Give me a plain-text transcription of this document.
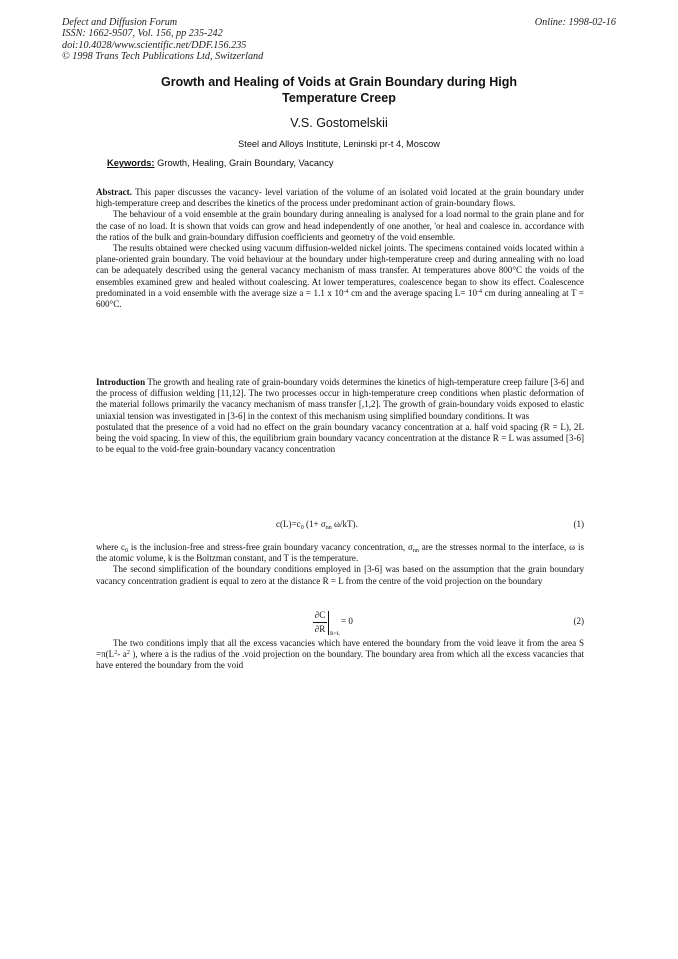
Defect and Diffusion Forum
ISSN: 1662-9507, Vol. 156, pp 235-242
doi:10.4028/www.scientific.net/DDF.156.235
© 1998 Trans Tech Publications Ltd, Switzerland
Online: 1998-02-16
Growth and Healing of Voids at Grain Boundary during High
Temperature Creep
V.S. Gostomelskii
Steel and Alloys Institute, Leninski pr-t 4, Moscow
Keywords: Growth, Healing, Grain Boundary, Vacancy

Abstract. This paper discusses the vacancy- level variation of the volume of an isolated void located at the grain boundary under high-temperature creep and describes the kinetics of the process under predominant action of grain-boundary flows.

The behaviour of a void ensemble at the grain boundary during annealing is analysed for a load normal to the grain plane and for the case of no load. It is shown that voids can grow and head independently of one another, 'or heal and coalesce in. accordance with the ratios of the bulk and grain-boundary diffusion coefficients and geometry of the void ensemble.

The results obtained were checked using vacuum diffusion-welded nickel joints. The specimens contained voids located within a plane-oriented grain boundary. The void behaviour at the boundary under high-temperature creep and during annealing with no load can be adequately described using the general vacancy mechanism of mass transfer. At temperatures above 800°C the voids of the ensembles examined grew and healed without coalescing. At lower temperatures, coalescence began to show its effect. Coalescence predominated in a void ensemble with the average size a = 1.1 x $10^{-4}$ cm and the average spacing $L= 10^{-4}$ cm during annealing at T = 600°C.

Introduction The growth and healing rate of grain-boundary voids determines the kinetics of high-temperature creep failure [3-6] and the process of diffusion welding [11,12]. The two processes occur in high-temperature creep conditions when plastic deformation of the material follows primarily the vacancy mechanism of mass transfer [,1,2]. The growth of grain-boundary voids exposed to elastic uniaxial tension was investigated in [3-6] in the context of this mechanism using simplified boundary conditions. It was

postulated that the presence of a void had no effect on the grain boundary vacancy concentration at a. half void spacing (R = L), 2L being the void spacing. In view of this, the equilibrium grain boundary vacancy concentration at the distance R = L was assumed [3-6] to be equal to the void-free grain-boundary vacancy concentration

$c(L)=c_0$ ($1+ \sigma_{nn}$ ω/kT).	(1)

where $c_0$ is the inclusion-free and stress-free grain boundary vacancy concentration, $\sigma_{nn}$ are the stresses normal to the interface, ω is the atomic volume, k is the Boltzman constant, and T is the temperature.

The second simplification of the boundary conditions employed in [3-6] was based on the assumption that the grain boundary vacancy concentration gradient is equal to zero at the distance R = L from the centre of the void projection on the boundary

∂C
∂R R=L
= 0	(2)

The two conditions imply that all the excess vacancies which have entered the boundary from the void leave it from the area $S =\pi(L^2-$ $a^2$ ), where a is the radius of the .void projection on the boundary. The boundary area from which all the excess vacancies that have entered the boundary from the void
